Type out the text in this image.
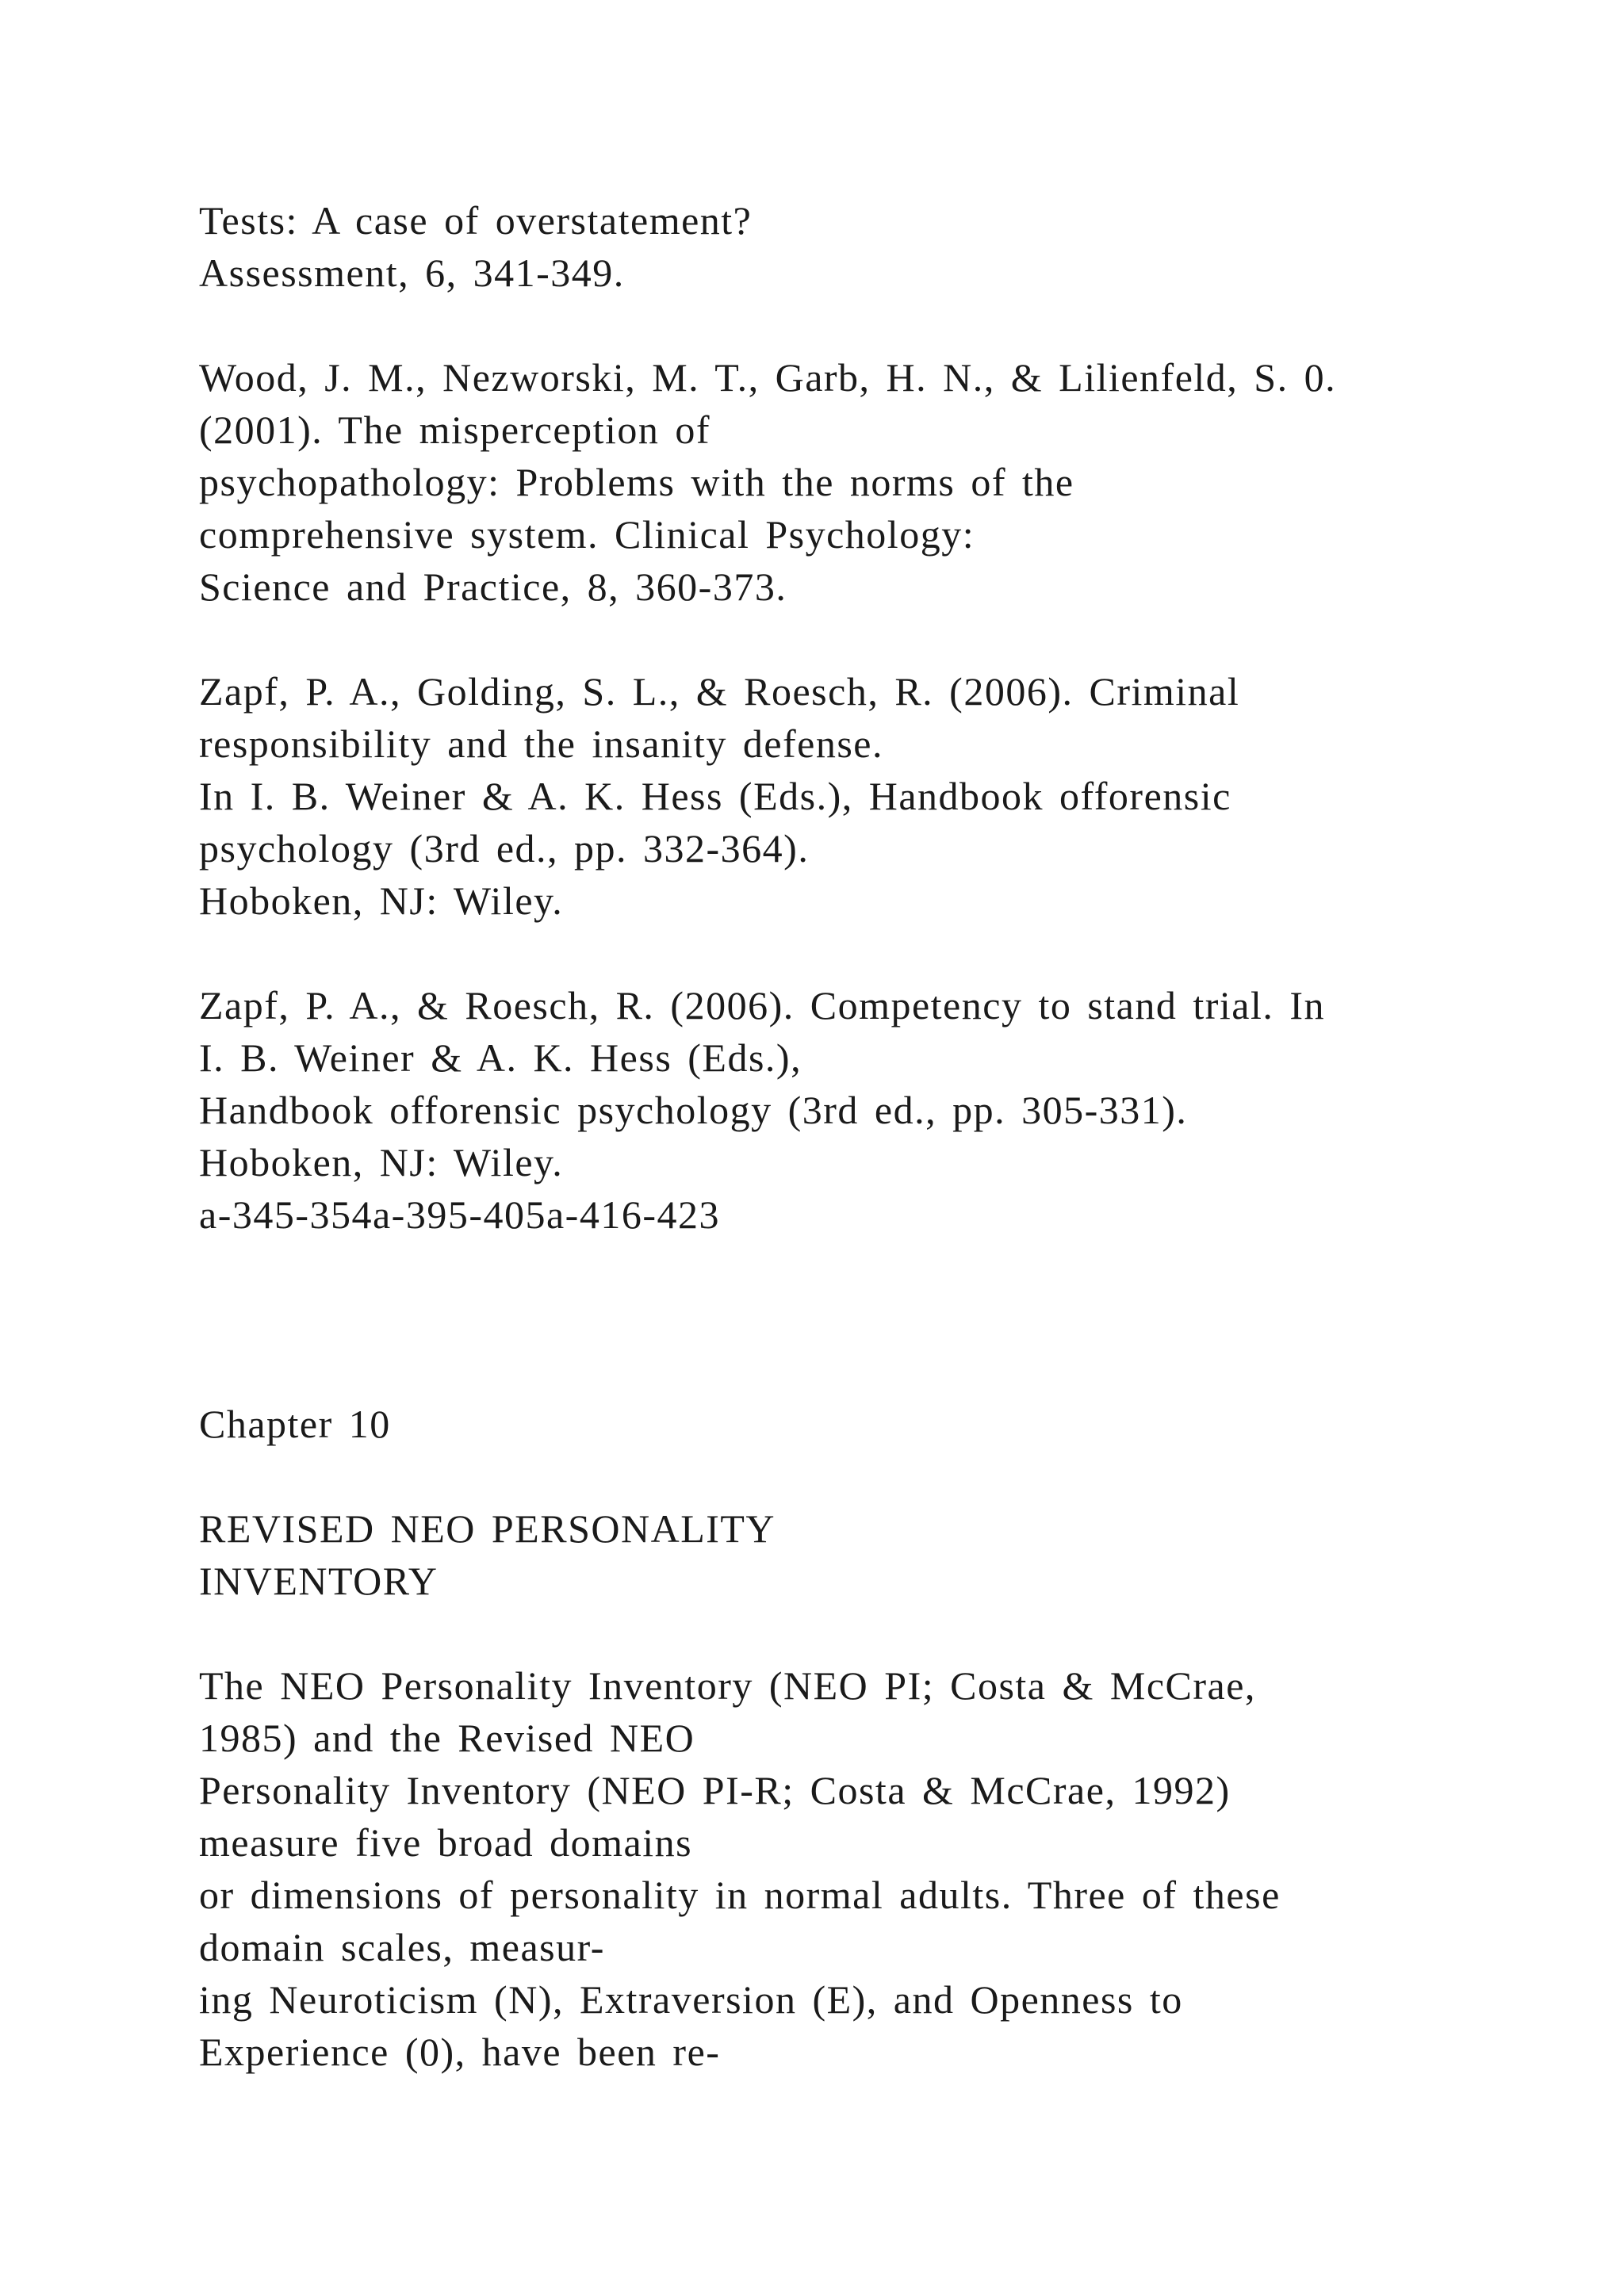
Tests: A case of overstatement?
Assessment, 6, 341-349.
Wood, J. M., Nezworski, M. T., Garb, H. N., & Lilienfeld, S. 0.
(2001). The misperception of
psychopathology: Problems with the norms of the
comprehensive system. Clinical Psychology:
Science and Practice, 8, 360-373.
Zapf, P. A., Golding, S. L., & Roesch, R. (2006). Criminal
responsibility and the insanity defense.
In I. B. Weiner & A. K. Hess (Eds.), Handbook offorensic
psychology (3rd ed., pp. 332-364).
Hoboken, NJ: Wiley.
Zapf, P. A., & Roesch, R. (2006). Competency to stand trial. In
I. B. Weiner & A. K. Hess (Eds.),
Handbook offorensic psychology (3rd ed., pp. 305-331).
Hoboken, NJ: Wiley.
a-345-354a-395-405a-416-423
Chapter 10
REVISED NEO PERSONALITY
INVENTORY
The NEO Personality Inventory (NEO PI; Costa & McCrae,
1985) and the Revised NEO
Personality Inventory (NEO PI-R; Costa & McCrae, 1992)
measure five broad domains
or dimensions of personality in normal adults. Three of these
domain scales, measur-
ing Neuroticism (N), Extraversion (E), and Openness to
Experience (0), have been re-
